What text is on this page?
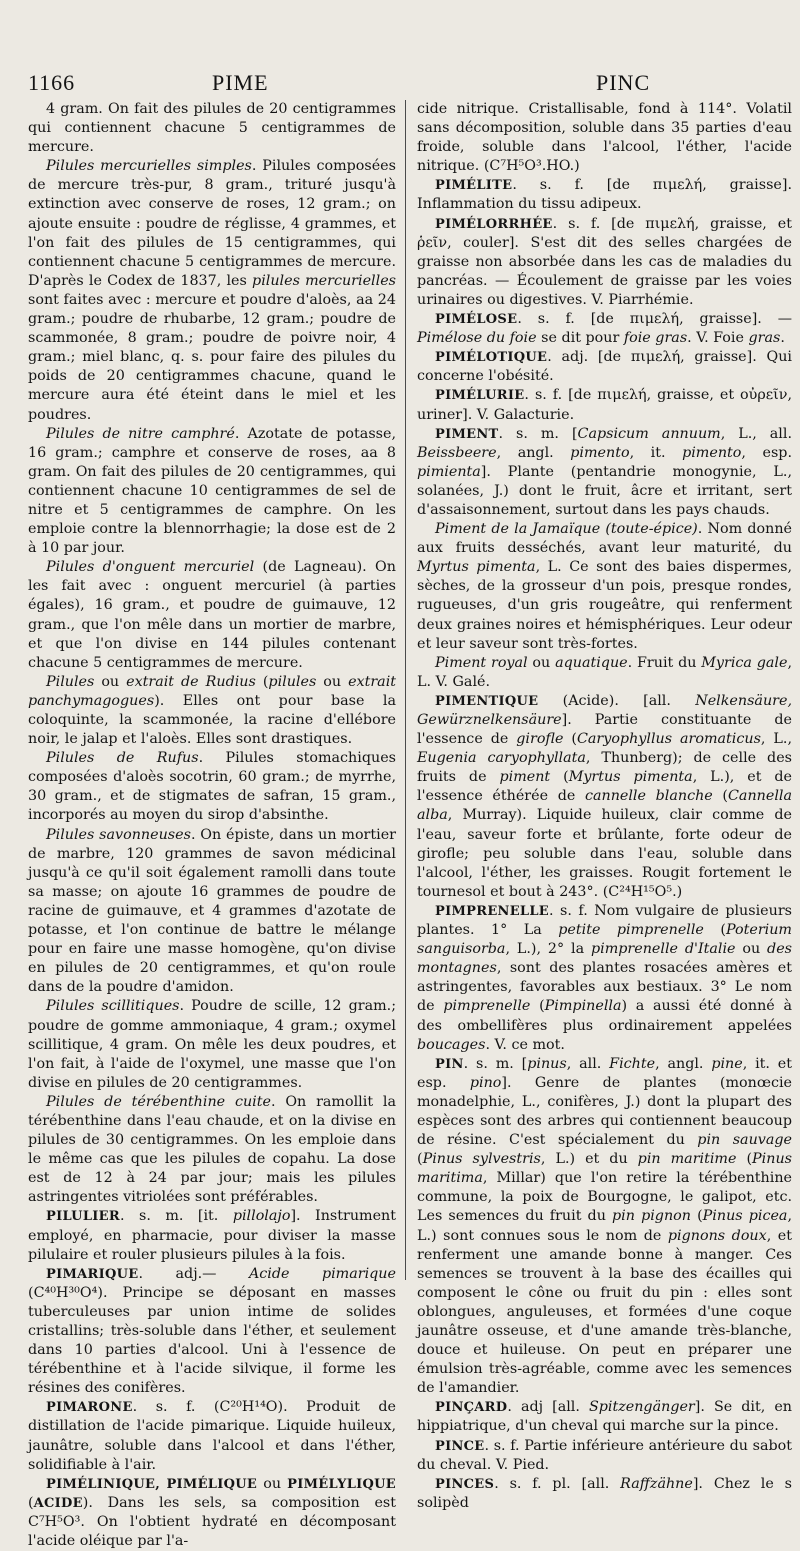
1166	PIME	PINC

4 gram. On fait des pilules de 20 centigrammes qui contiennent chacune 5 centigrammes de mercure.

Pilules mercurielles simples. Pilules composées de mercure très-pur, 8 gram., trituré jusqu'à extinction avec conserve de roses, 12 gram.; on ajoute ensuite : poudre de réglisse, 4 grammes, et l'on fait des pilules de 15 centigrammes, qui contiennent chacune 5 centigrammes de mercure. D'après le Codex de 1837, les pilules mercurielles sont faites avec : mercure et poudre d'aloès, aa 24 gram.; poudre de rhubarbe, 12 gram.; poudre de scammonée, 8 gram.; poudre de poivre noir, 4 gram.; miel blanc, q. s. pour faire des pilules du poids de 20 centigrammes chacune, quand le mercure aura été éteint dans le miel et les poudres.

Pilules de nitre camphré. Azotate de potasse, 16 gram.; camphre et conserve de roses, aa 8 gram. On fait des pilules de 20 centigrammes, qui contiennent chacune 10 centigrammes de sel de nitre et 5 centigrammes de camphre. On les emploie contre la blennorrhagie; la dose est de 2 à 10 par jour.

Pilules d'onguent mercuriel (de Lagneau). On les fait avec : onguent mercuriel (à parties égales), 16 gram., et poudre de guimauve, 12 gram., que l'on mêle dans un mortier de marbre, et que l'on divise en 144 pilules contenant chacune 5 centigrammes de mercure.

Pilules ou extrait de Rudius (pilules ou extrait panchymagogues). Elles ont pour base la coloquinte, la scammonée, la racine d'ellébore noir, le jalap et l'aloès. Elles sont drastiques.

Pilules de Rufus. Pilules stomachiques composées d'aloès socotrin, 60 gram.; de myrrhe, 30 gram., et de stigmates de safran, 15 gram., incorporés au moyen du sirop d'absinthe.

Pilules savonneuses. On épiste, dans un mortier de marbre, 120 grammes de savon médicinal jusqu'à ce qu'il soit également ramolli dans toute sa masse; on ajoute 16 grammes de poudre de racine de guimauve, et 4 grammes d'azotate de potasse, et l'on continue de battre le mélange pour en faire une masse homogène, qu'on divise en pilules de 20 centigrammes, et qu'on roule dans de la poudre d'amidon.

Pilules scillitiques. Poudre de scille, 12 gram.; poudre de gomme ammoniaque, 4 gram.; oxymel scillitique, 4 gram. On mêle les deux poudres, et l'on fait, à l'aide de l'oxymel, une masse que l'on divise en pilules de 20 centigrammes.

Pilules de térébenthine cuite. On ramollit la térébenthine dans l'eau chaude, et on la divise en pilules de 30 centigrammes. On les emploie dans le même cas que les pilules de copahu. La dose est de 12 à 24 par jour; mais les pilules astringentes vitriolées sont préférables.

PILULIER. s. m. [it. pillolajo]. Instrument employé, en pharmacie, pour diviser la masse pilulaire et rouler plusieurs pilules à la fois.

PIMARIQUE. adj.— Acide pimarique (C⁴⁰H³⁰O⁴). Principe se déposant en masses tuberculeuses par union intime de solides cristallins; très-soluble dans l'éther, et seulement dans 10 parties d'alcool. Uni à l'essence de térébenthine et à l'acide silvique, il forme les résines des conifères.

PIMARONE. s. f. (C²⁰H¹⁴O). Produit de distillation de l'acide pimarique. Liquide huileux, jaunâtre, soluble dans l'alcool et dans l'éther, solidifiable à l'air.

PIMÉLINIQUE, PIMÉLIQUE ou PIMÉLYLIQUE (ACIDE). Dans les sels, sa composition est C⁷H⁵O³. On l'obtient hydraté en décomposant l'acide oléique par l'a-

cide nitrique. Cristallisable, fond à 114°. Volatil sans décomposition, soluble dans 35 parties d'eau froide, soluble dans l'alcool, l'éther, l'acide nitrique. (C⁷H⁵O³.HO.)

PIMÉLITE. s. f. [de πιμελή, graisse]. Inflammation du tissu adipeux.

PIMÉLORRHÉE. s. f. [de πιμελή, graisse, et ῥεῖν, couler]. S'est dit des selles chargées de graisse non absorbée dans les cas de maladies du pancréas. — Écoulement de graisse par les voies urinaires ou digestives. V. Piarrhémie.

PIMÉLOSE. s. f. [de πιμελή, graisse]. — Pimélose du foie se dit pour foie gras. V. Foie gras.

PIMÉLOTIQUE. adj. [de πιμελή, graisse]. Qui concerne l'obésité.

PIMÉLURIE. s. f. [de πιμελή, graisse, et οὐρεῖν, uriner]. V. Galacturie.

PIMENT. s. m. [Capsicum annuum, L., all. Beissbeere, angl. pimento, it. pimento, esp. pimienta]. Plante (pentandrie monogynie, L., solanées, J.) dont le fruit, âcre et irritant, sert d'assaisonnement, surtout dans les pays chauds.

Piment de la Jamaïque (toute-épice). Nom donné aux fruits desséchés, avant leur maturité, du Myrtus pimenta, L. Ce sont des baies dispermes, sèches, de la grosseur d'un pois, presque rondes, rugueuses, d'un gris rougeâtre, qui renferment deux graines noires et hémisphériques. Leur odeur et leur saveur sont très-fortes.

Piment royal ou aquatique. Fruit du Myrica gale, L. V. Galé.

PIMENTIQUE (Acide). [all. Nelkensäure, Gewürznelkensäure]. Partie constituante de l'essence de girofle (Caryophyllus aromaticus, L., Eugenia caryophyllata, Thunberg); de celle des fruits de piment (Myrtus pimenta, L.), et de l'essence éthérée de cannelle blanche (Cannella alba, Murray). Liquide huileux, clair comme de l'eau, saveur forte et brûlante, forte odeur de girofle; peu soluble dans l'eau, soluble dans l'alcool, l'éther, les graisses. Rougit fortement le tournesol et bout à 243°. (C²⁴H¹⁵O⁵.)

PIMPRENELLE. s. f. Nom vulgaire de plusieurs plantes. 1° La petite pimprenelle (Poterium sanguisorba, L.), 2° la pimprenelle d'Italie ou des montagnes, sont des plantes rosacées amères et astringentes, favorables aux bestiaux. 3° Le nom de pimprenelle (Pimpinella) a aussi été donné à des ombellifères plus ordinairement appelées boucages. V. ce mot.

PIN. s. m. [pinus, all. Fichte, angl. pine, it. et esp. pino]. Genre de plantes (monœcie monadelphie, L., conifères, J.) dont la plupart des espèces sont des arbres qui contiennent beaucoup de résine. C'est spécialement du pin sauvage (Pinus sylvestris, L.) et du pin maritime (Pinus maritima, Millar) que l'on retire la térébenthine commune, la poix de Bourgogne, le galipot, etc. Les semences du fruit du pin pignon (Pinus picea, L.) sont connues sous le nom de pignons doux, et renferment une amande bonne à manger. Ces semences se trouvent à la base des écailles qui composent le cône ou fruit du pin : elles sont oblongues, anguleuses, et formées d'une coque jaunâtre osseuse, et d'une amande très-blanche, douce et huileuse. On peut en préparer une émulsion très-agréable, comme avec les semences de l'amandier.

PINÇARD. adj [all. Spitzengänger]. Se dit, en hippiatrique, d'un cheval qui marche sur la pince.

PINCE. s. f. Partie inférieure antérieure du sabot du cheval. V. Pied.

PINCES. s. f. pl. [all. Raffzähne]. Chez le s solipèd
